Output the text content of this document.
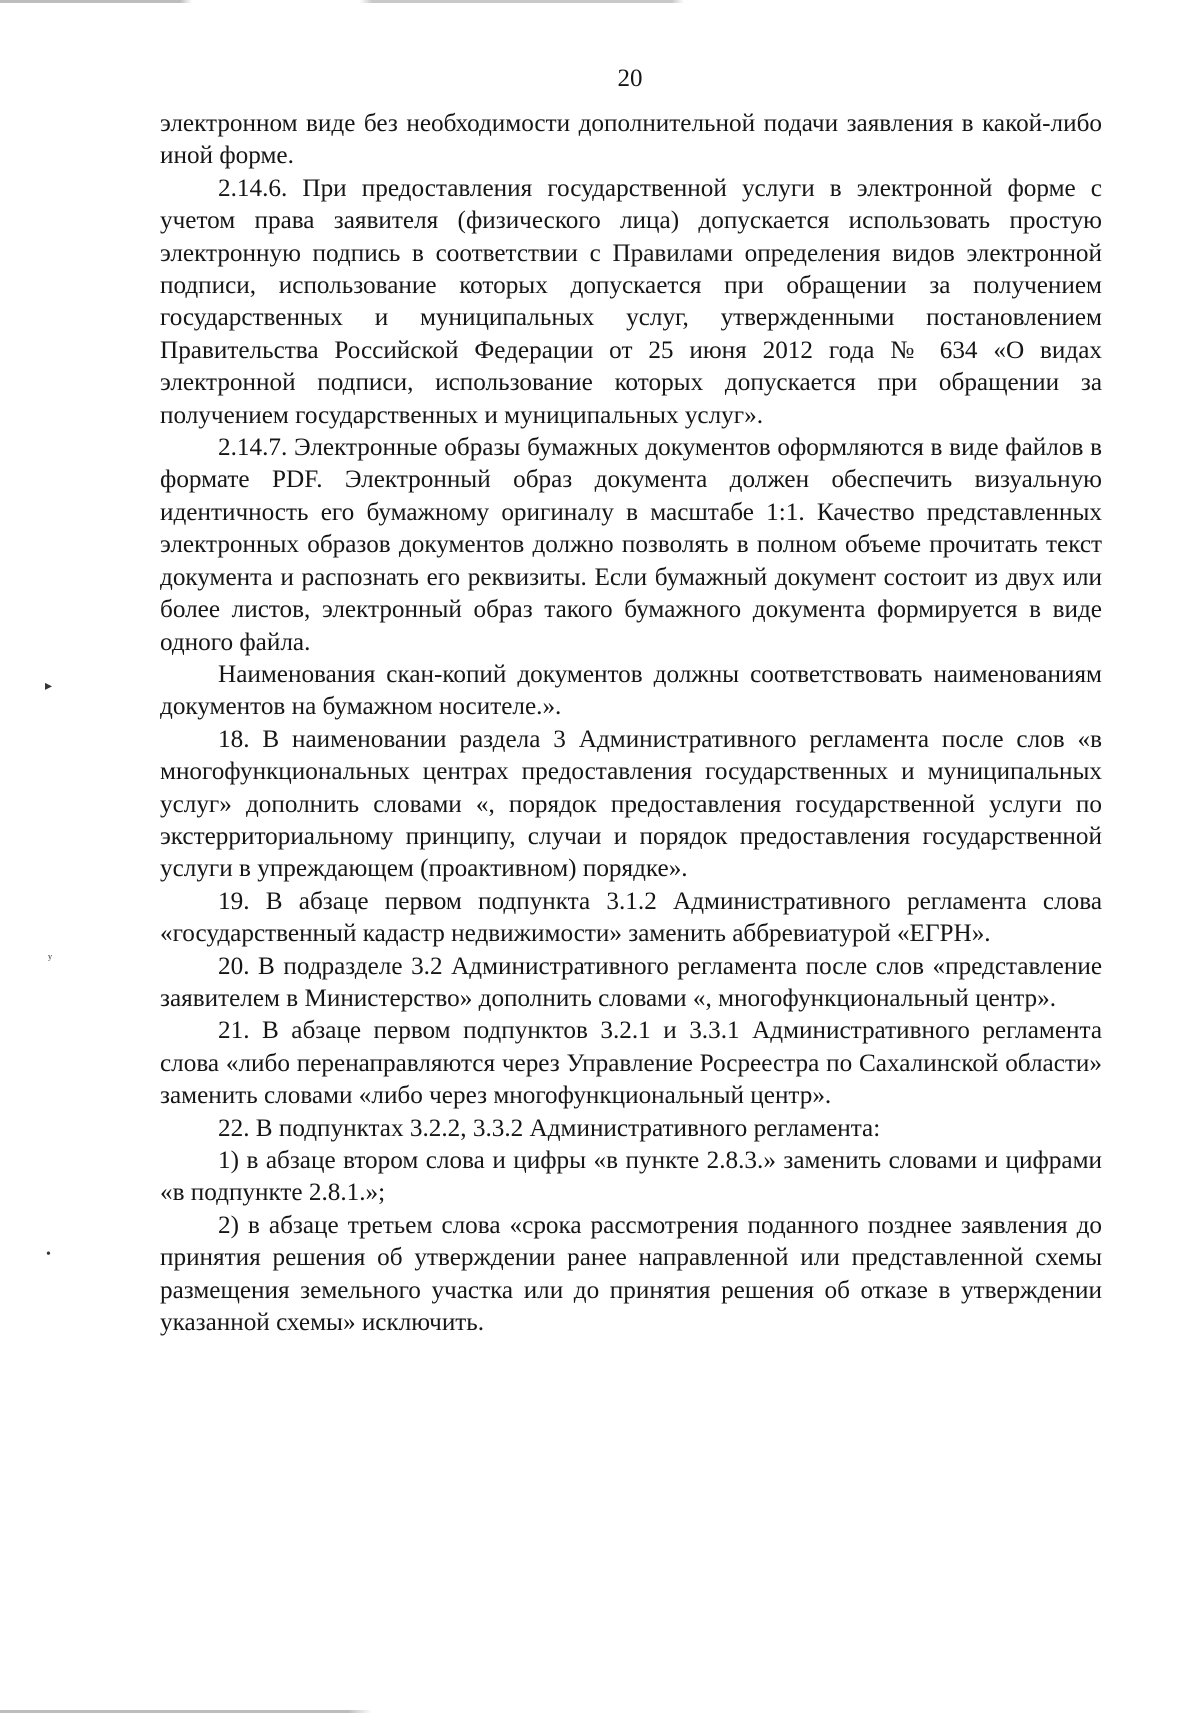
20

электронном виде без необходимости дополнительной подачи заявления в какой-либо иной форме.

2.14.6. При предоставления государственной услуги в электронной форме с учетом права заявителя (физического лица) допускается использовать простую электронную подпись в соответствии с Правилами определения видов электронной подписи, использование которых допускается при обращении за получением государственных и муниципальных услуг, утвержденными постановлением Правительства Российской Федерации от 25 июня 2012 года № 634 «О видах электронной подписи, использование которых допускается при обращении за получением государственных и муниципальных услуг».

2.14.7. Электронные образы бумажных документов оформляются в виде файлов в формате PDF. Электронный образ документа должен обеспечить визуальную идентичность его бумажному оригиналу в масштабе 1:1. Качество представленных электронных образов документов должно позволять в полном объеме прочитать текст документа и распознать его реквизиты. Если бумажный документ состоит из двух или более листов, электронный образ такого бумажного документа формируется в виде одного файла.

Наименования скан-копий документов должны соответствовать наименованиям документов на бумажном носителе.».

18. В наименовании раздела 3 Административного регламента после слов «в многофункциональных центрах предоставления государственных и муниципальных услуг» дополнить словами «, порядок предоставления государственной услуги по экстерриториальному принципу, случаи и порядок предоставления государственной услуги в упреждающем (проактивном) порядке».

19. В абзаце первом подпункта 3.1.2 Административного регламента слова «государственный кадастр недвижимости» заменить аббревиатурой «ЕГРН».

20. В подразделе 3.2 Административного регламента после слов «представление заявителем в Министерство» дополнить словами «, многофункциональный центр».

21. В абзаце первом подпунктов 3.2.1 и 3.3.1 Административного регламента слова «либо перенаправляются через Управление Росреестра по Сахалинской области» заменить словами «либо через многофункциональный центр».

22. В подпунктах 3.2.2, 3.3.2 Административного регламента:

1) в абзаце втором слова и цифры «в пункте 2.8.3.» заменить словами и цифрами «в подпункте 2.8.1.»;

2) в абзаце третьем слова «срока рассмотрения поданного позднее заявления до принятия решения об утверждении ранее направленной или представленной схемы размещения земельного участка или до принятия решения об отказе в утверждении указанной схемы» исключить.

▸
ʸ
•
